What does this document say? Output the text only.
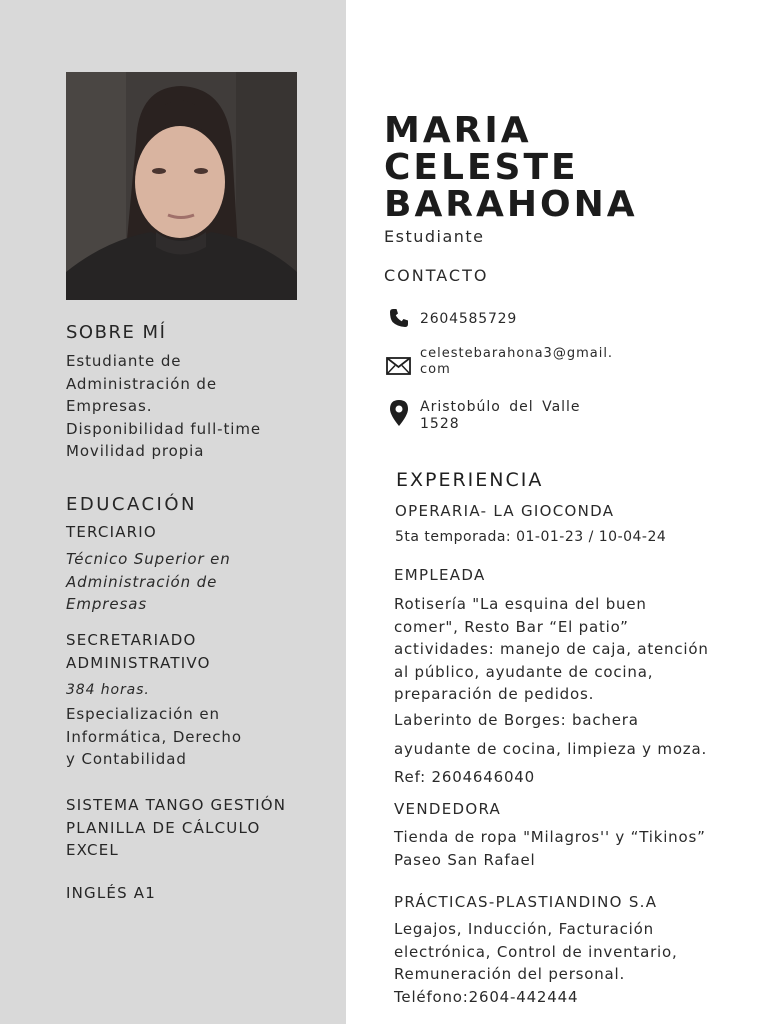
SOBRE MÍ
Estudiante de
Administración de
Empresas.
Disponibilidad full-time
Movilidad propia
EDUCACIÓN
TERCIARIO
Técnico Superior en
Administración de
Empresas
SECRETARIADO
ADMINISTRATIVO
384 horas.
Especialización en
Informática, Derecho
y Contabilidad
SISTEMA TANGO GESTIÓN
PLANILLA DE CÁLCULO
EXCEL
INGLÉS A1
MARIA
CELESTE
BARAHONA
Estudiante
CONTACTO
2604585729
celestebarahona3@gmail.
com
Aristobúlo del Valle
1528
EXPERIENCIA
OPERARIA- LA GIOCONDA
5ta temporada: 01-01-23 / 10-04-24
EMPLEADA
Rotisería "La esquina del buen
comer", Resto Bar “El patio”
actividades: manejo de caja, atención
al público, ayudante de cocina,
preparación de pedidos.
Laberinto de Borges: bachera
ayudante de cocina, limpieza y moza.
Ref: 2604646040
VENDEDORA
Tienda de ropa "Milagros'' y “Tikinos”
Paseo San Rafael
PRÁCTICAS-PLASTIANDINO S.A
Legajos, Inducción, Facturación
electrónica, Control de inventario,
Remuneración del personal.
Teléfono:2604-442444
